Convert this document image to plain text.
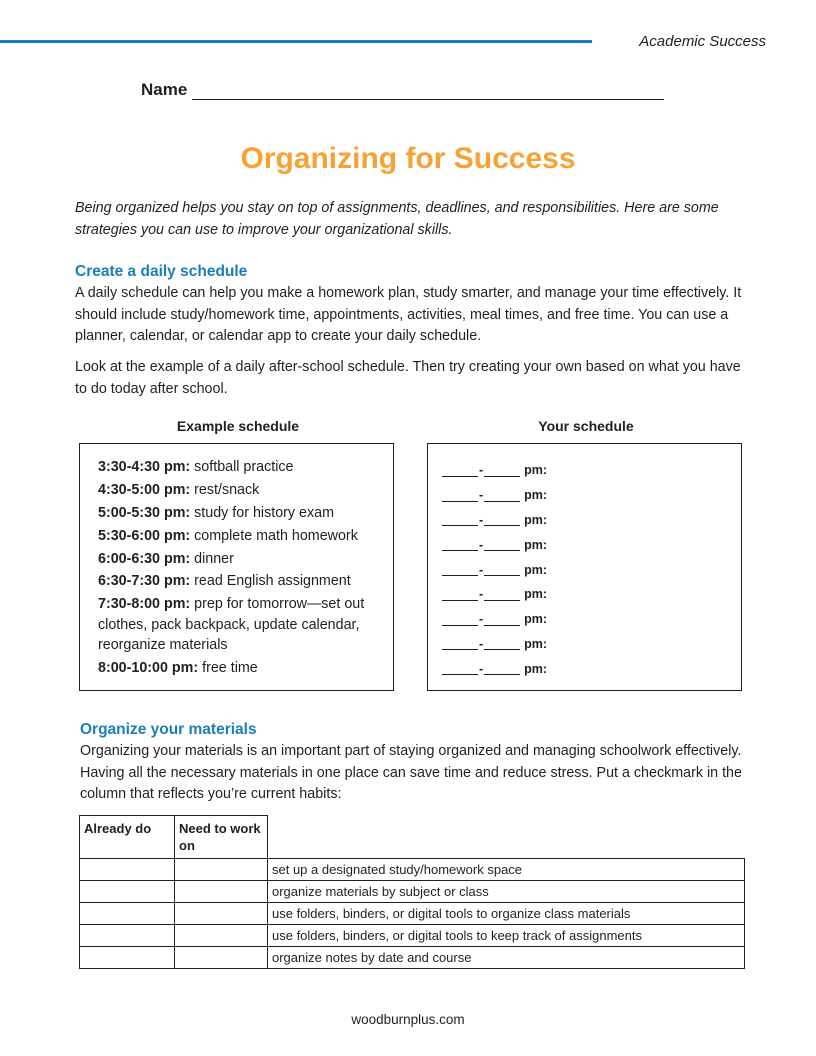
Academic Success
Name
Organizing for Success
Being organized helps you stay on top of assignments, deadlines, and responsibilities. Here are some strategies you can use to improve your organizational skills.
Create a daily schedule
A daily schedule can help you make a homework plan, study smarter, and manage your time effectively. It should include study/homework time, appointments, activities, meal times, and free time. You can use a planner, calendar, or calendar app to create your daily schedule.
Look at the example of a daily after-school schedule. Then try creating your own based on what you have to do today after school.
Example schedule	Your schedule
3:30-4:30 pm: softball practice
4:30-5:00 pm: rest/snack
5:00-5:30 pm: study for history exam
5:30-6:00 pm: complete math homework
6:00-6:30 pm: dinner
6:30-7:30 pm: read English assignment
7:30-8:00 pm: prep for tomorrow—set out clothes, pack backpack, update calendar, reorganize materials
8:00-10:00 pm: free time
-	pm:
-	pm:
-	pm:
-	pm:
-	pm:
-	pm:
-	pm:
-	pm:
-	pm:
Organize your materials
Organizing your materials is an important part of staying organized and managing schoolwork effectively. Having all the necessary materials in one place can save time and reduce stress. Put a checkmark in the column that reflects you’re current habits:
Already do	Need to work on	
		set up a designated study/homework space
		organize materials by subject or class
		use folders, binders, or digital tools to organize class materials
		use folders, binders, or digital tools to keep track of assignments
		organize notes by date and course
woodburnplus.com
